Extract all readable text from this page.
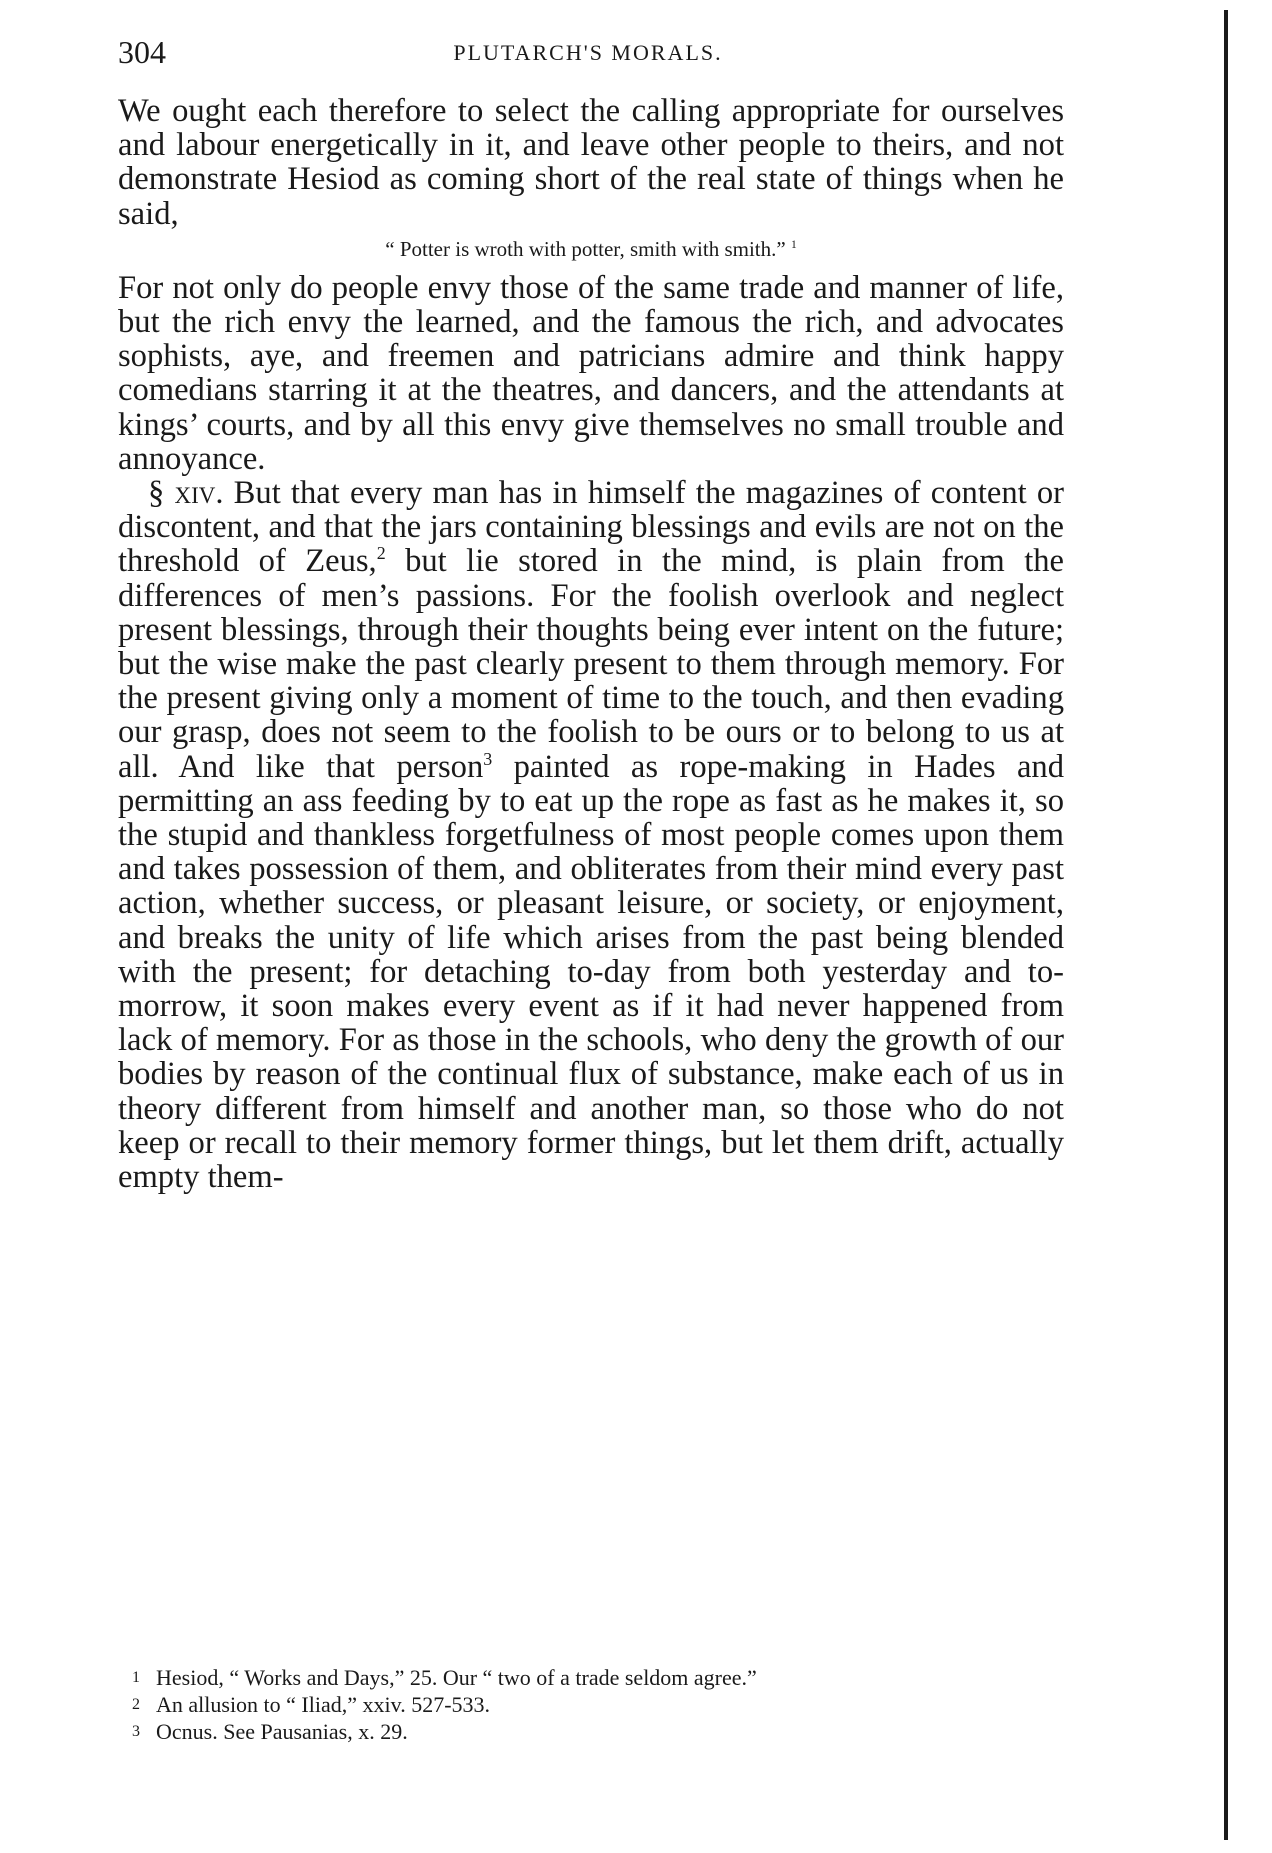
304	PLUTARCH'S MORALS.

We ought each therefore to select the calling appropriate for ourselves and labour energetically in it, and leave other people to theirs, and not demonstrate Hesiod as coming short of the real state of things when he said,

“ Potter is wroth with potter, smith with smith.” $^1$

For not only do people envy those of the same trade and manner of life, but the rich envy the learned, and the famous the rich, and advocates sophists, aye, and freemen and patricians admire and think happy comedians starring it at the theatres, and dancers, and the attendants at kings’ courts, and by all this envy give themselves no small trouble and annoyance.

§ xiv. But that every man has in himself the magazines of content or discontent, and that the jars containing blessings and evils are not on the threshold of Zeus,$^2$ but lie stored in the mind, is plain from the differences of men’s passions. For the foolish overlook and neglect present blessings, through their thoughts being ever intent on the future; but the wise make the past clearly present to them through memory. For the present giving only a moment of time to the touch, and then evading our grasp, does not seem to the foolish to be ours or to belong to us at all. And like that person$^3$ painted as rope-making in Hades and permitting an ass feeding by to eat up the rope as fast as he makes it, so the stupid and thankless forgetfulness of most people comes upon them and takes possession of them, and obliterates from their mind every past action, whether success, or pleasant leisure, or society, or enjoyment, and breaks the unity of life which arises from the past being blended with the present; for detaching to-day from both yesterday and to-morrow, it soon makes every event as if it had never happened from lack of memory. For as those in the schools, who deny the growth of our bodies by reason of the continual flux of substance, make each of us in theory different from himself and another man, so those who do not keep or recall to their memory former things, but let them drift, actually empty them-

1 Hesiod, “ Works and Days,” 25. Our “ two of a trade seldom agree.”

2 An allusion to “ Iliad,” xxiv. 527-533.

3 Ocnus. See Pausanias, x. 29.
